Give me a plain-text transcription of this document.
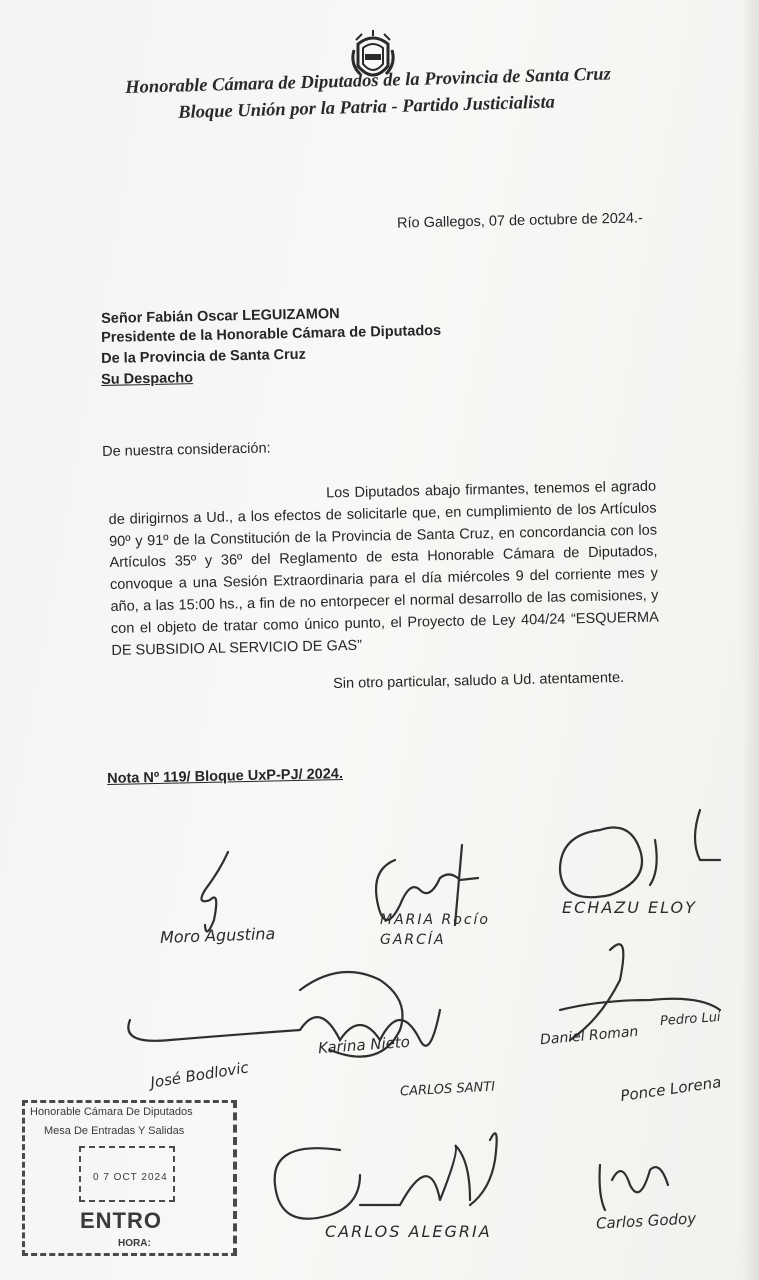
Honorable Cámara de Diputados de la Provincia de Santa Cruz
Bloque Unión por la Patria - Partido Justicialista
Río Gallegos, 07 de octubre de 2024.-
Señor Fabián Oscar LEGUIZAMON
Presidente de la Honorable Cámara de Diputados
De la Provincia de Santa Cruz
Su Despacho
De nuestra consideración:
Los Diputados abajo firmantes, tenemos el agrado de dirigirnos a Ud., a los efectos de solicitarle que, en cumplimiento de los Artículos 90º y 91º de la Constitución de la Provincia de Santa Cruz, en concordancia con los Artículos 35º y 36º del Reglamento de esta Honorable Cámara de Diputados, convoque a una Sesión Extraordinaria para el día miércoles 9 del corriente mes y año, a las 15:00 hs., a fin de no entorpecer el normal desarrollo de las comisiones, y con el objeto de tratar como único punto, el Proyecto de Ley 404/24 “ESQUERMA DE SUBSIDIO AL SERVICIO DE GAS”
Sin otro particular, saludo a Ud. atentamente.
Nota Nº 119/ Bloque UxP-PJ/ 2024.
Moro Agustina
MARIA Rocío GARCÍA
ECHAZU ELOY
José Bodlovic
Karina Nieto
CARLOS SANTI
Daniel Roman
Pedro Lui
Ponce Lorena
CARLOS ALEGRIA	Carlos Godoy
Honorable Cámara De Diputados
Mesa De Entradas Y Salidas
0 7 OCT 2024
ENTRO
HORA:
